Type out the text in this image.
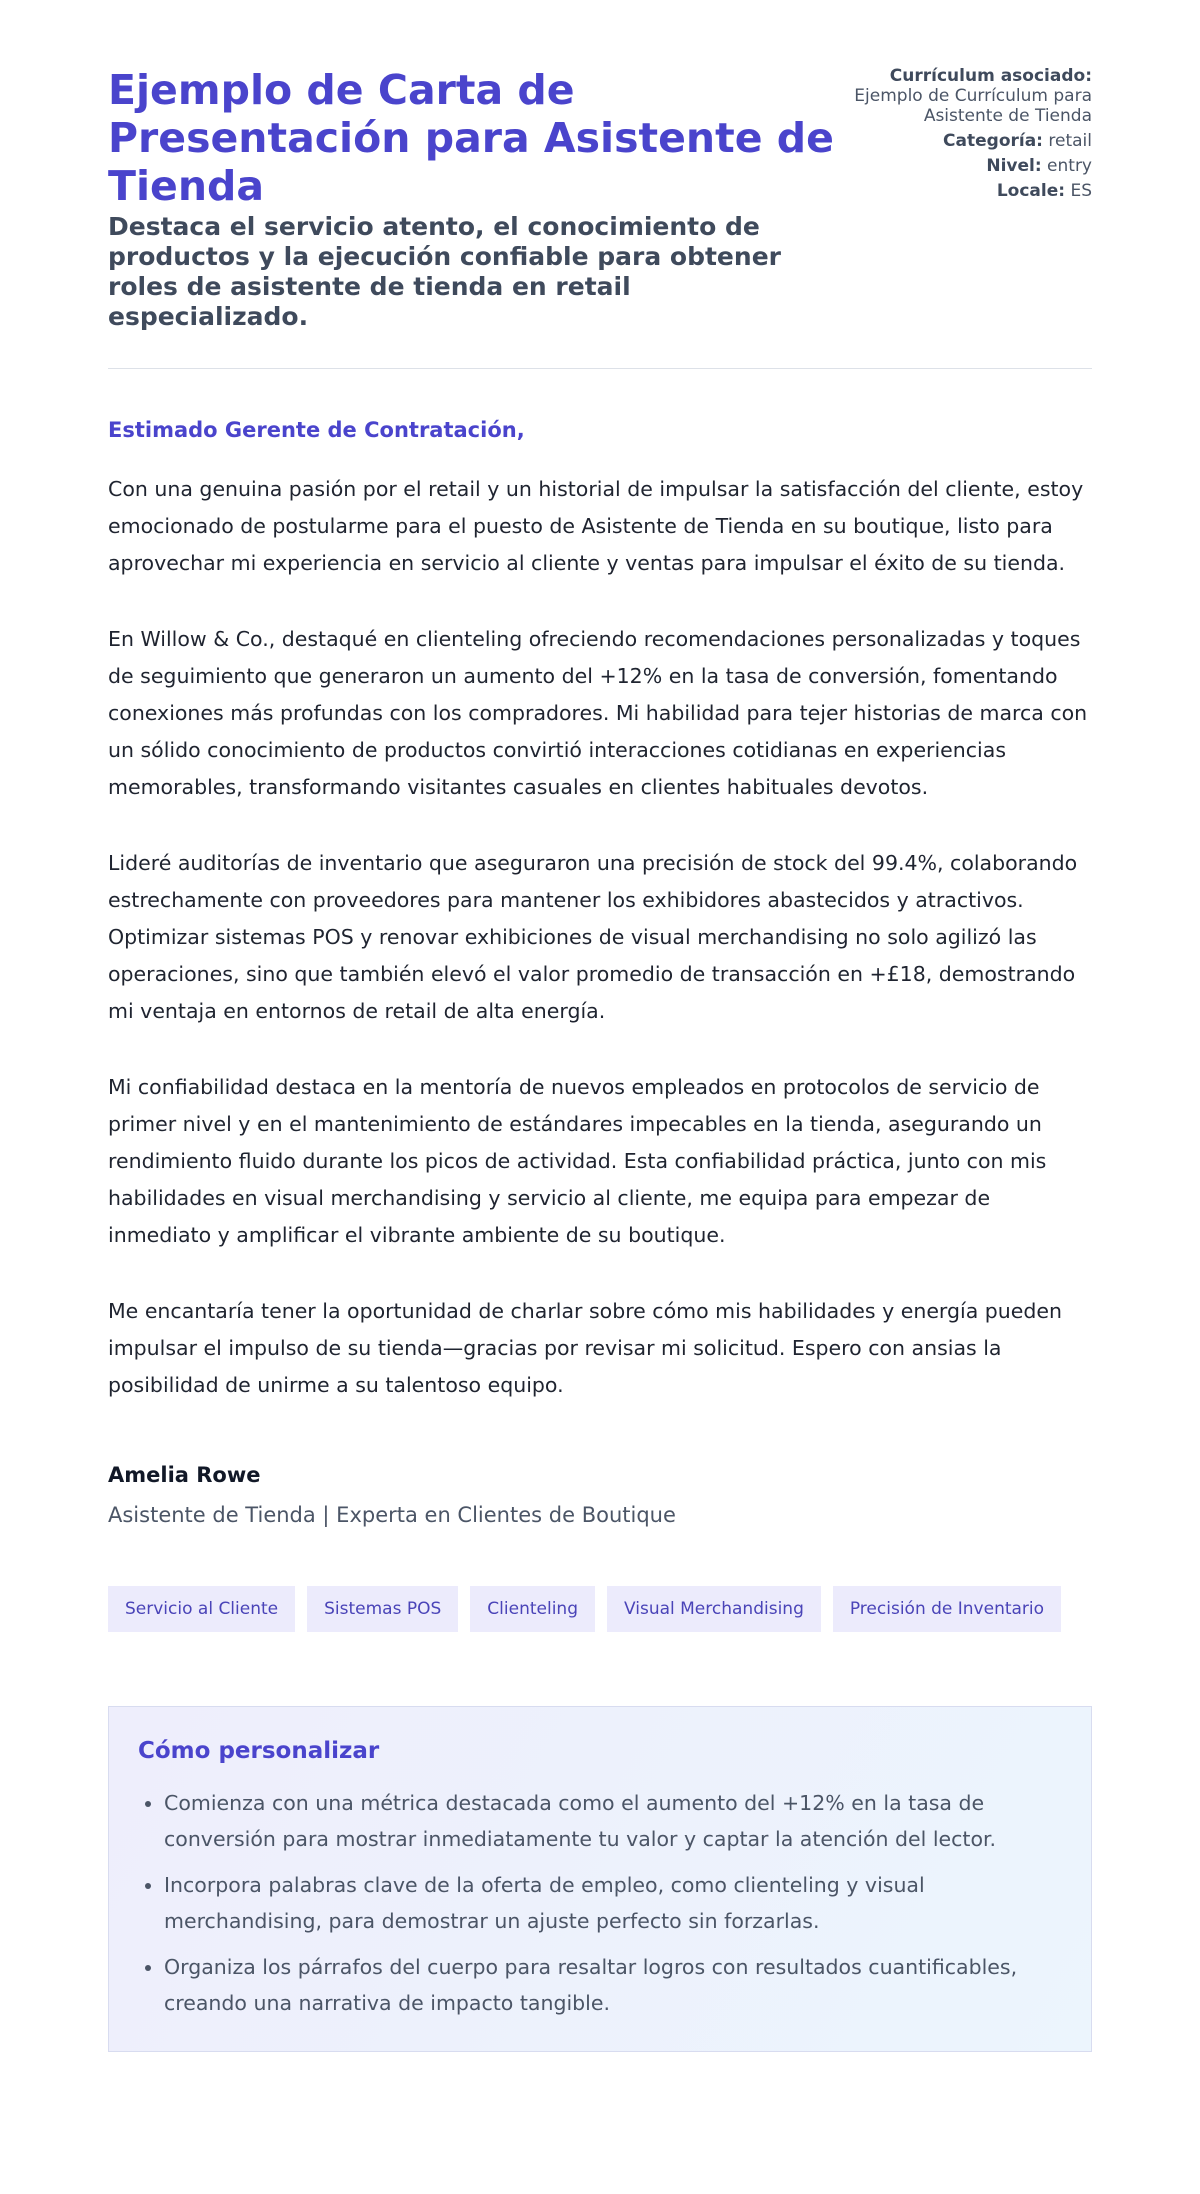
Ejemplo de Carta de Presentación para Asistente de Tienda
Destaca el servicio atento, el conocimiento de productos y la ejecución confiable para obtener roles de asistente de tienda en retail especializado.
Currículum asociado:
Ejemplo de Currículum para Asistente de Tienda
Categoría: retail
Nivel: entry
Locale: ES
Estimado Gerente de Contratación,

Con una genuina pasión por el retail y un historial de impulsar la satisfacción del cliente, estoy emocionado de postularme para el puesto de Asistente de Tienda en su boutique, listo para aprovechar mi experiencia en servicio al cliente y ventas para impulsar el éxito de su tienda.

En Willow & Co., destaqué en clienteling ofreciendo recomendaciones personalizadas y toques de seguimiento que generaron un aumento del +12% en la tasa de conversión, fomentando conexiones más profundas con los compradores. Mi habilidad para tejer historias de marca con un sólido conocimiento de productos convirtió interacciones cotidianas en experiencias memorables, transformando visitantes casuales en clientes habituales devotos.

Lideré auditorías de inventario que aseguraron una precisión de stock del 99.4%, colaborando estrechamente con proveedores para mantener los exhibidores abastecidos y atractivos. Optimizar sistemas POS y renovar exhibiciones de visual merchandising no solo agilizó las operaciones, sino que también elevó el valor promedio de transacción en +£18, demostrando mi ventaja en entornos de retail de alta energía.

Mi confiabilidad destaca en la mentoría de nuevos empleados en protocolos de servicio de primer nivel y en el mantenimiento de estándares impecables en la tienda, asegurando un rendimiento fluido durante los picos de actividad. Esta confiabilidad práctica, junto con mis habilidades en visual merchandising y servicio al cliente, me equipa para empezar de inmediato y amplificar el vibrante ambiente de su boutique.

Me encantaría tener la oportunidad de charlar sobre cómo mis habilidades y energía pueden impulsar el impulso de su tienda—gracias por revisar mi solicitud. Espero con ansias la posibilidad de unirme a su talentoso equipo.

Amelia Rowe
Asistente de Tienda | Experta en Clientes de Boutique
Servicio al Cliente	Sistemas POS	Clienteling	Visual Merchandising	Precisión de Inventario
Cómo personalizar
• Comienza con una métrica destacada como el aumento del +12% en la tasa de conversión para mostrar inmediatamente tu valor y captar la atención del lector.
• Incorpora palabras clave de la oferta de empleo, como clienteling y visual merchandising, para demostrar un ajuste perfecto sin forzarlas.
• Organiza los párrafos del cuerpo para resaltar logros con resultados cuantificables, creando una narrativa de impacto tangible.
